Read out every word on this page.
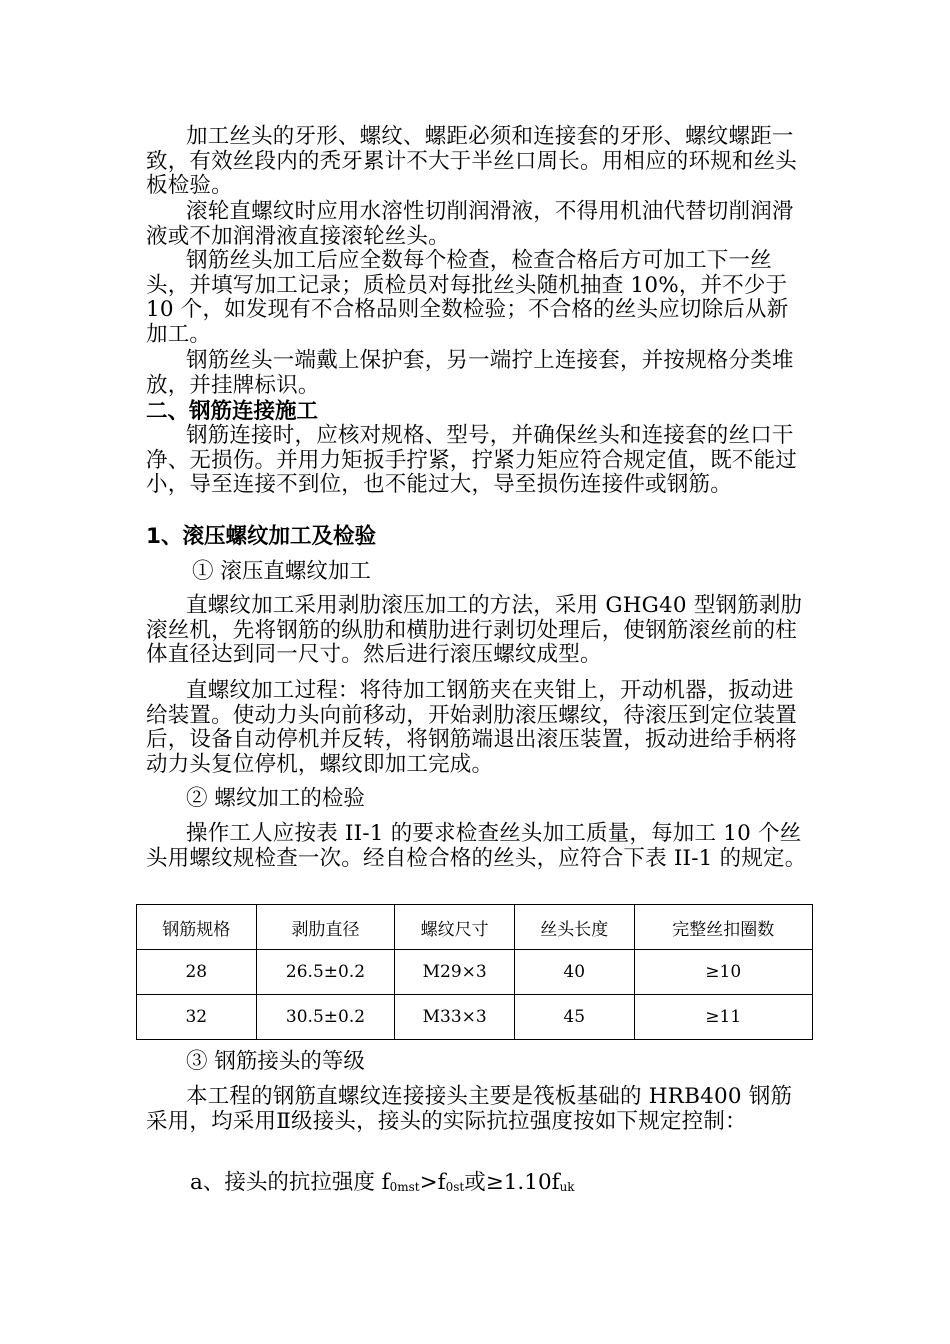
加工丝头的牙形、螺纹、螺距必须和连接套的牙形、螺纹螺距一致，有效丝段内的秃牙累计不大于半丝口周长。用相应的环规和丝头板检验。

滚轮直螺纹时应用水溶性切削润滑液，不得用机油代替切削润滑液或不加润滑液直接滚轮丝头。

钢筋丝头加工后应全数每个检查，检查合格后方可加工下一丝头，并填写加工记录；质检员对每批丝头随机抽查 10%，并不少于 10 个，如发现有不合格品则全数检验；不合格的丝头应切除后从新加工。

钢筋丝头一端戴上保护套，另一端拧上连接套，并按规格分类堆放，并挂牌标识。

二、钢筋连接施工

钢筋连接时，应核对规格、型号，并确保丝头和连接套的丝口干净、无损伤。并用力矩扳手拧紧，拧紧力矩应符合规定值，既不能过小，导至连接不到位，也不能过大，导至损伤连接件或钢筋。

1、滚压螺纹加工及检验

① 滚压直螺纹加工

直螺纹加工采用剥肋滚压加工的方法，采用 GHG40 型钢筋剥肋滚丝机，先将钢筋的纵肋和横肋进行剥切处理后，使钢筋滚丝前的柱体直径达到同一尺寸。然后进行滚压螺纹成型。

直螺纹加工过程：将待加工钢筋夹在夹钳上，开动机器，扳动进给装置。使动力头向前移动，开始剥肋滚压螺纹，待滚压到定位装置后，设备自动停机并反转，将钢筋端退出滚压装置，扳动进给手柄将动力头复位停机，螺纹即加工完成。

② 螺纹加工的检验

操作工人应按表 II-1 的要求检查丝头加工质量，每加工 10 个丝头用螺纹规检查一次。经自检合格的丝头，应符合下表 II-1 的规定。

钢筋规格	剥肋直径	螺纹尺寸	丝头长度	完整丝扣圈数
28	26.5±0.2	M29×3	40	≥10
32	30.5±0.2	M33×3	45	≥11

③ 钢筋接头的等级

本工程的钢筋直螺纹连接接头主要是筏板基础的 HRB400 钢筋采用，均采用Ⅱ级接头，接头的实际抗拉强度按如下规定控制：

a、接头的抗拉强度 $f_{0mst}>f_{0st}$或$\ge 1.10f_{uk}$
